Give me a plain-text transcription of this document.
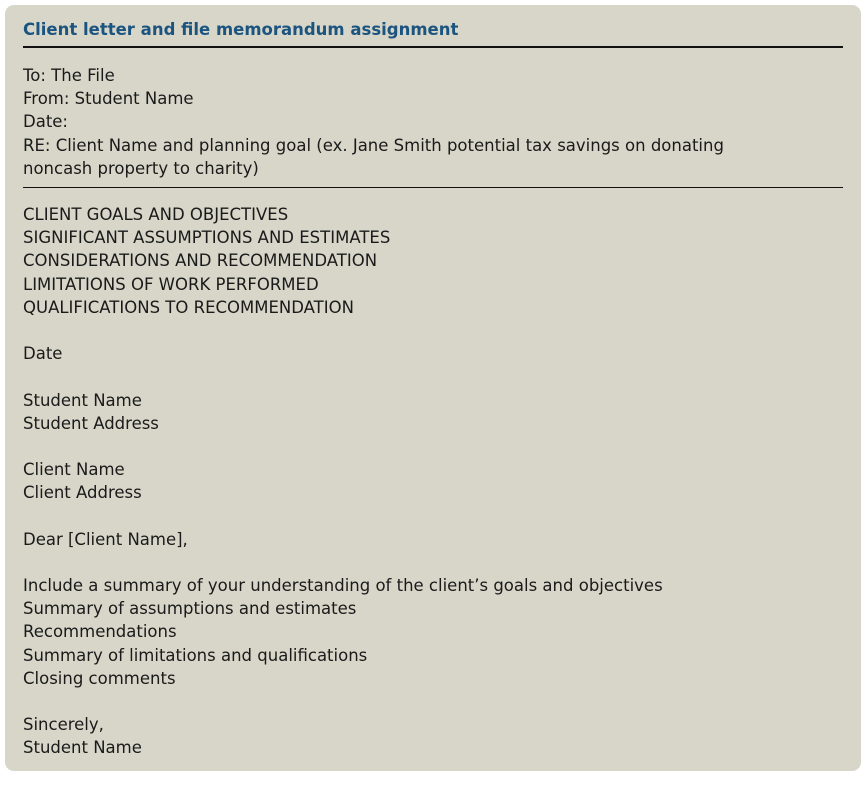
Client letter and file memorandum assignment
To: The File
From: Student Name
Date:
RE: Client Name and planning goal (ex. Jane Smith potential tax savings on donating
noncash property to charity)
CLIENT GOALS AND OBJECTIVES
SIGNIFICANT ASSUMPTIONS AND ESTIMATES
CONSIDERATIONS AND RECOMMENDATION
LIMITATIONS OF WORK PERFORMED
QUALIFICATIONS TO RECOMMENDATION
Date
Student Name
Student Address
Client Name
Client Address
Dear [Client Name],
Include a summary of your understanding of the client’s goals and objectives
Summary of assumptions and estimates
Recommendations
Summary of limitations and qualifications
Closing comments
Sincerely,
Student Name
